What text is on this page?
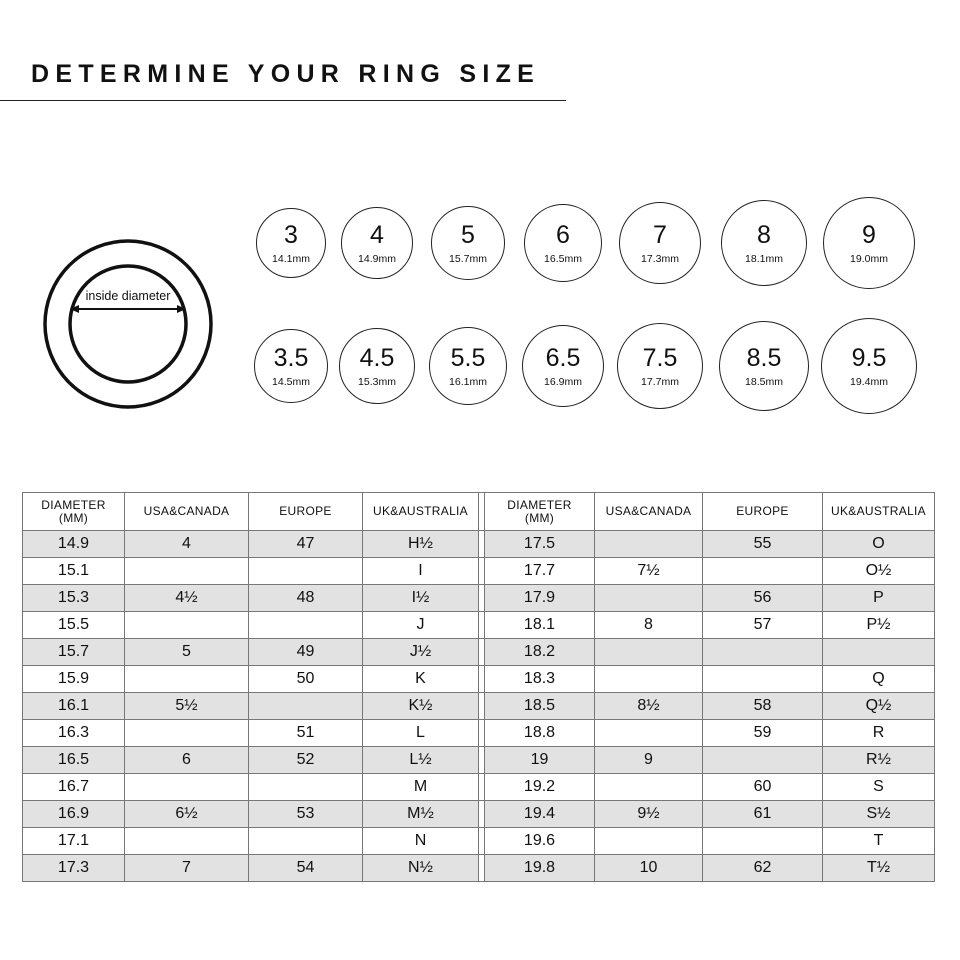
DETERMINE YOUR RING SIZE
inside diameter
3
14.1mm
4
14.9mm
5
15.7mm
6
16.5mm
7
17.3mm
8
18.1mm
9
19.0mm
3.5
14.5mm
4.5
15.3mm
5.5
16.1mm
6.5
16.9mm
7.5
17.7mm
8.5
18.5mm
9.5
19.4mm
DIAMETER
(MM)	USA&CANADA	EUROPE	UK&AUSTRALIA		DIAMETER
(MM)	USA&CANADA	EUROPE	UK&AUSTRALIA
14.9	4	47	H½		17.5		55	O
15.1			I		17.7	7½		O½
15.3	4½	48	I½		17.9		56	P
15.5			J		18.1	8	57	P½
15.7	5	49	J½		18.2			
15.9		50	K		18.3			Q
16.1	5½		K½		18.5	8½	58	Q½
16.3		51	L		18.8		59	R
16.5	6	52	L½		19	9		R½
16.7			M		19.2		60	S
16.9	6½	53	M½		19.4	9½	61	S½
17.1			N		19.6			T
17.3	7	54	N½		19.8	10	62	T½
